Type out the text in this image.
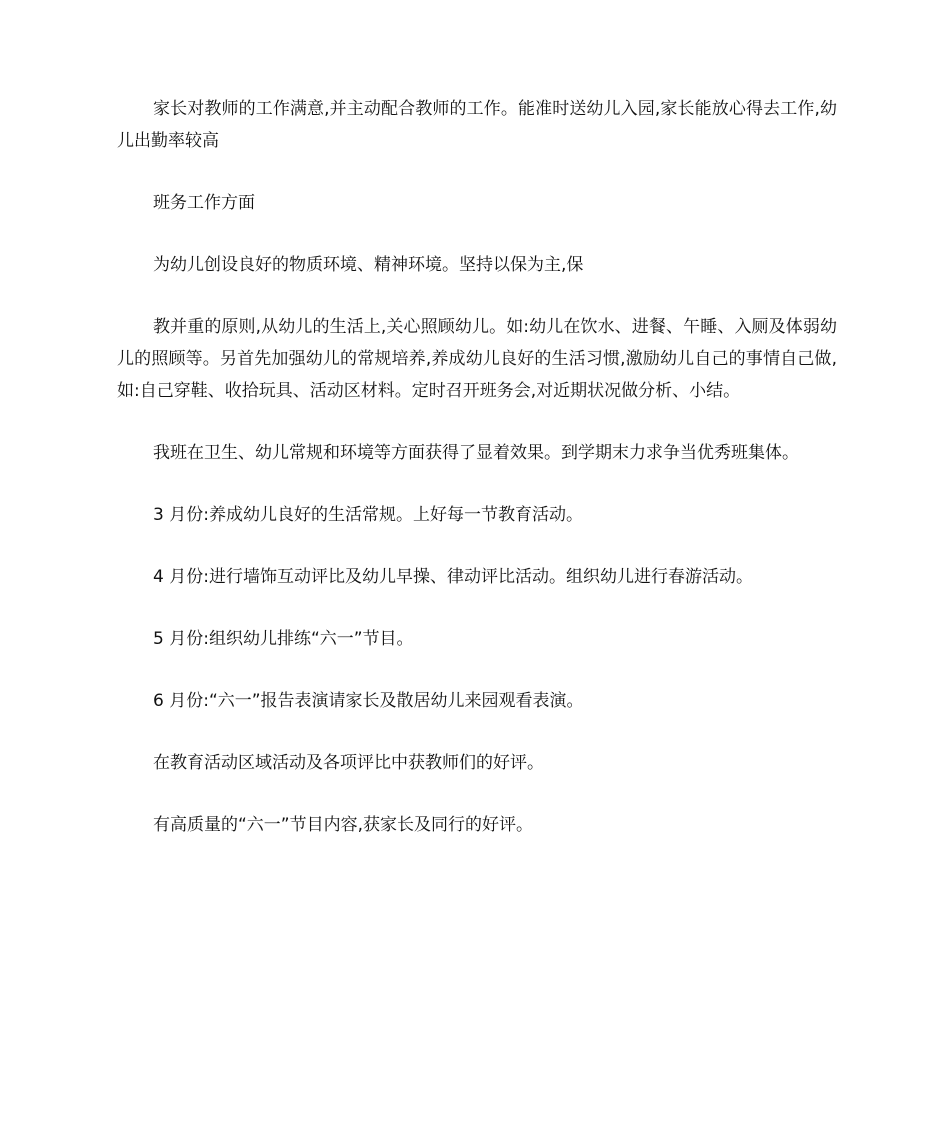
家长对教师的工作满意,并主动配合教师的工作。能准时送幼儿入园,家长能放心得去工作,幼儿出勤率较高

班务工作方面

为幼儿创设良好的物质环境、精神环境。坚持以保为主,保

教并重的原则,从幼儿的生活上,关心照顾幼儿。如:幼儿在饮水、进餐、午睡、入厕及体弱幼儿的照顾等。另首先加强幼儿的常规培养,养成幼儿良好的生活习惯,激励幼儿自己的事情自己做,如:自己穿鞋、收拾玩具、活动区材料。定时召开班务会,对近期状况做分析、小结。

我班在卫生、幼儿常规和环境等方面获得了显着效果。到学期末力求争当优秀班集体。

3 月份:养成幼儿良好的生活常规。上好每一节教育活动。

4 月份:进行墙饰互动评比及幼儿早操、律动评比活动。组织幼儿进行春游活动。

5 月份:组织幼儿排练“六一”节目。

6 月份:“六一”报告表演请家长及散居幼儿来园观看表演。

在教育活动区域活动及各项评比中获教师们的好评。

有高质量的“六一”节目内容,获家长及同行的好评。
